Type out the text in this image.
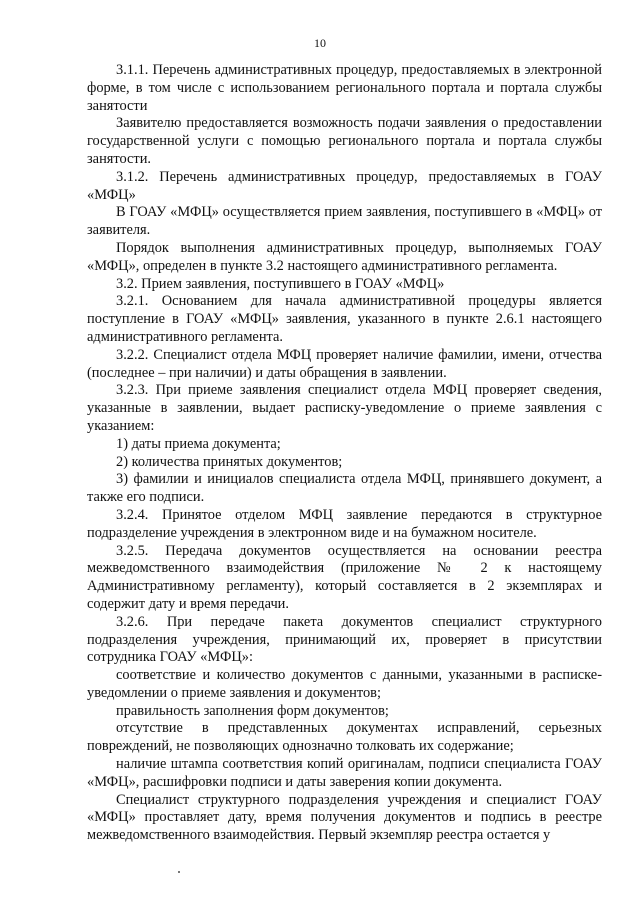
10

3.1.1. Перечень административных процедур, предоставляемых в электронной форме, в том числе с использованием регионального портала и портала службы занятости

Заявителю предоставляется возможность подачи заявления о предоставлении государственной услуги с помощью регионального портала и портала службы занятости.

3.1.2. Перечень административных процедур, предоставляемых в ГОАУ «МФЦ»

В ГОАУ «МФЦ» осуществляется прием заявления, поступившего в «МФЦ» от заявителя.

Порядок выполнения административных процедур, выполняемых ГОАУ «МФЦ», определен в пункте 3.2 настоящего административного регламента.

3.2. Прием заявления, поступившего в ГОАУ «МФЦ»

3.2.1. Основанием для начала административной процедуры является поступление в ГОАУ «МФЦ» заявления, указанного в пункте 2.6.1 настоящего административного регламента.

3.2.2. Специалист отдела МФЦ проверяет наличие фамилии, имени, отчества (последнее – при наличии) и даты обращения в заявлении.

3.2.3. При приеме заявления специалист отдела МФЦ проверяет сведения, указанные в заявлении, выдает расписку-уведомление о приеме заявления с указанием:

1) даты приема документа;

2) количества принятых документов;

3) фамилии и инициалов специалиста отдела МФЦ, принявшего документ, а также его подписи.

3.2.4. Принятое отделом МФЦ заявление передаются в структурное подразделение учреждения в электронном виде и на бумажном носителе.

3.2.5. Передача документов осуществляется на основании реестра межведомственного взаимодействия (приложение № 2 к настоящему Административному регламенту), который составляется в 2 экземплярах и содержит дату и время передачи.

3.2.6. При передаче пакета документов специалист структурного подразделения учреждения, принимающий их, проверяет в присутствии сотрудника ГОАУ «МФЦ»:

соответствие и количество документов с данными, указанными в расписке-уведомлении о приеме заявления и документов;

правильность заполнения форм документов;

отсутствие в представленных документах исправлений, серьезных повреждений, не позволяющих однозначно толковать их содержание;

наличие штампа соответствия копий оригиналам, подписи специалиста ГОАУ «МФЦ», расшифровки подписи и даты заверения копии документа.

Специалист структурного подразделения учреждения и специалист ГОАУ «МФЦ» проставляет дату, время получения документов и подпись в реестре межведомственного взаимодействия. Первый экземпляр реестра остается у
